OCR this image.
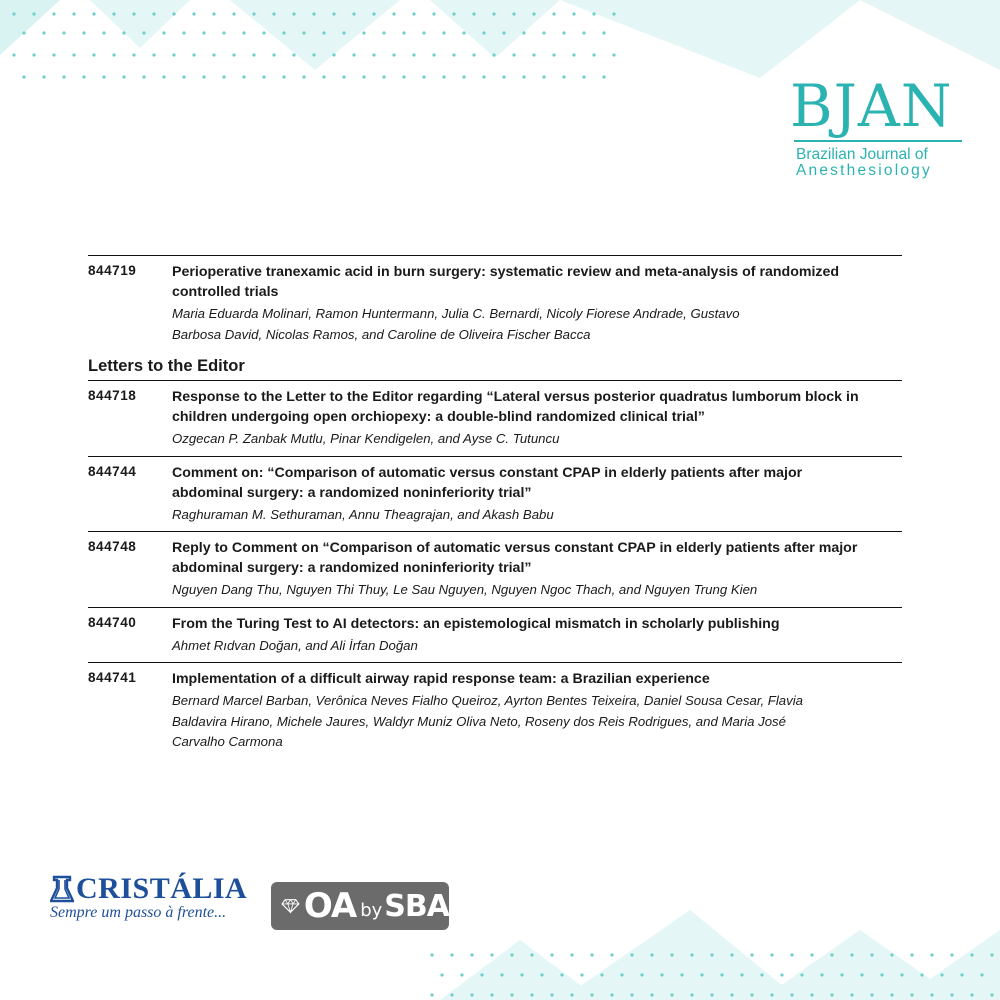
BJAN
Brazilian Journal of
Anesthesiology
844719	Perioperative tranexamic acid in burn surgery: systematic review and meta-analysis of randomized controlled trials
Maria Eduarda Molinari, Ramon Huntermann, Julia C. Bernardi, Nicoly Fiorese Andrade, Gustavo Barbosa David, Nicolas Ramos, and Caroline de Oliveira Fischer Bacca
Letters to the Editor
844718	Response to the Letter to the Editor regarding “Lateral versus posterior quadratus lumborum block in children undergoing open orchiopexy: a double-blind randomized clinical trial”
Ozgecan P. Zanbak Mutlu, Pinar Kendigelen, and Ayse C. Tutuncu
844744	Comment on: “Comparison of automatic versus constant CPAP in elderly patients after major abdominal surgery: a randomized noninferiority trial”
Raghuraman M. Sethuraman, Annu Theagrajan, and Akash Babu
844748	Reply to Comment on “Comparison of automatic versus constant CPAP in elderly patients after major abdominal surgery: a randomized noninferiority trial”
Nguyen Dang Thu, Nguyen Thi Thuy, Le Sau Nguyen, Nguyen Ngoc Thach, and Nguyen Trung Kien
844740	From the Turing Test to AI detectors: an epistemological mismatch in scholarly publishing
Ahmet Rıdvan Doğan, and Ali İrfan Doğan
844741	Implementation of a difficult airway rapid response team: a Brazilian experience
Bernard Marcel Barban, Verônica Neves Fialho Queiroz, Ayrton Bentes Teixeira, Daniel Sousa Cesar, Flavia Baldavira Hirano, Michele Jaures, Waldyr Muniz Oliva Neto, Roseny dos Reis Rodrigues, and Maria José Carvalho Carmona
CRISTÁLIA
Sempre um passo à frente...	OA by SBA
